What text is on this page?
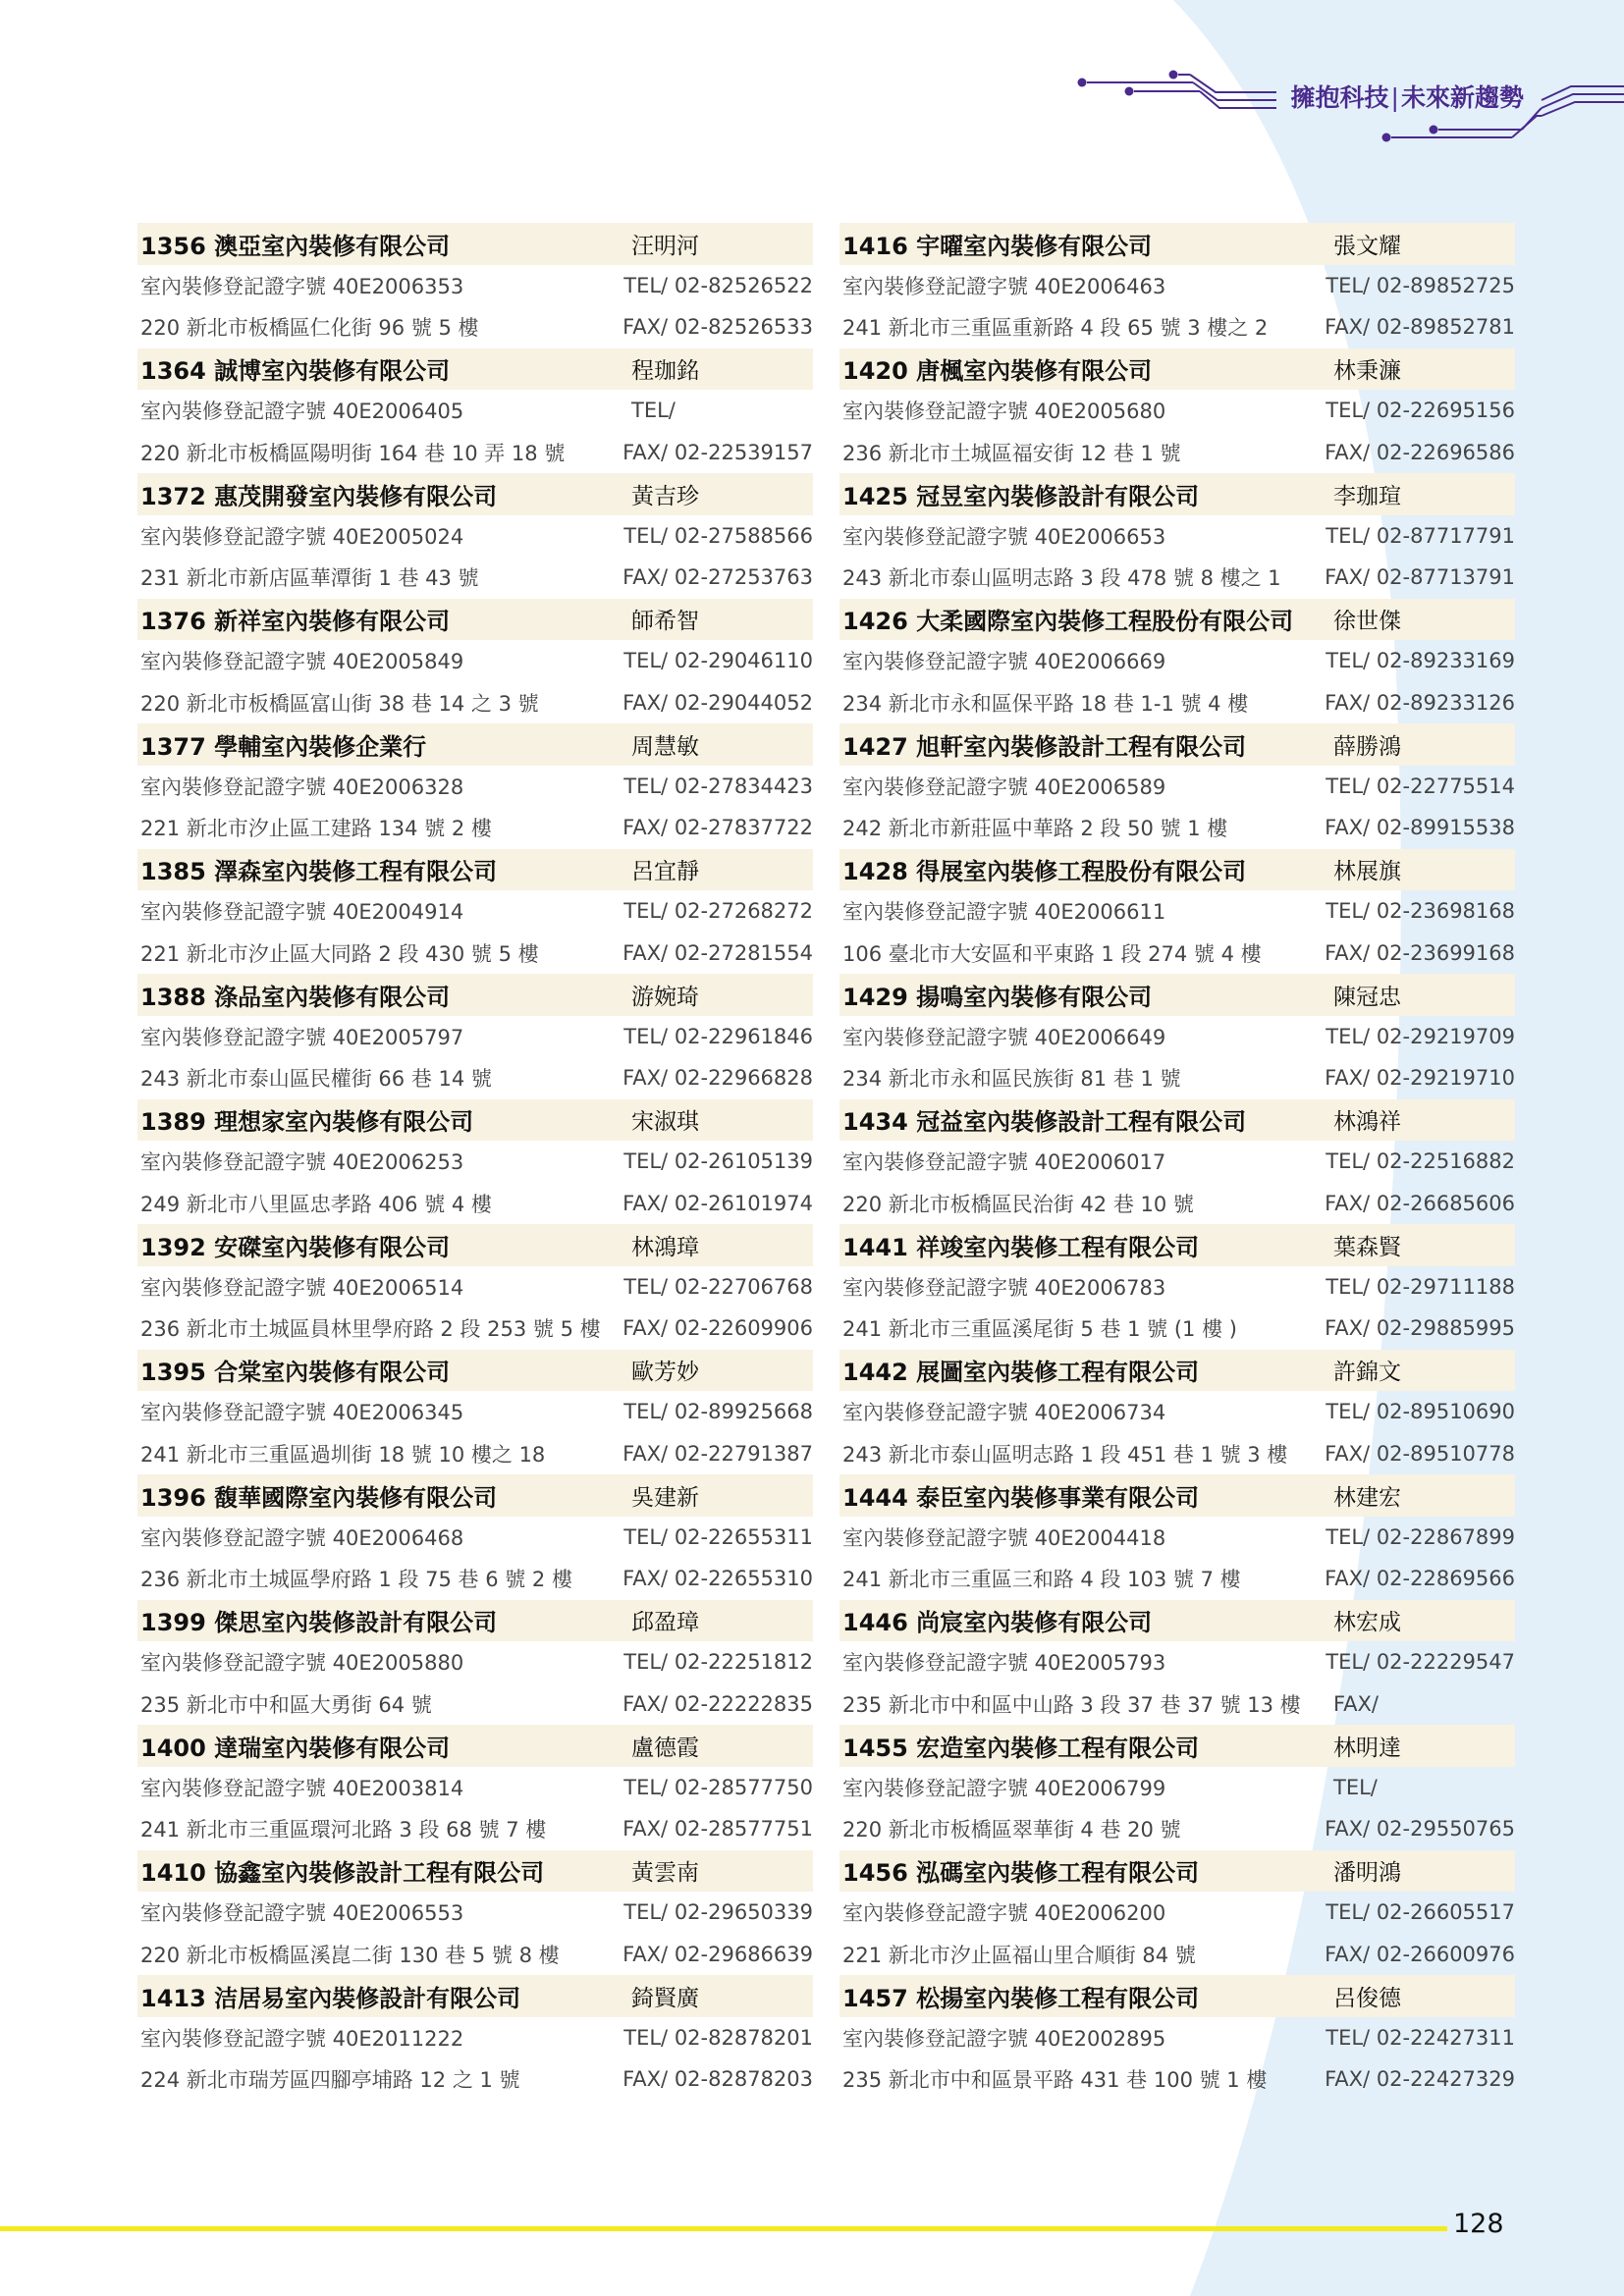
擁抱科技|未來新趨勢
1356 澳亞室內裝修有限公司	汪明河
室內裝修登記證字號 40E2006353	TEL/ 02-82526522
220 新北市板橋區仁化街 96 號 5 樓	FAX/ 02-82526533
1364 誠博室內裝修有限公司	程珈銘
室內裝修登記證字號 40E2006405	TEL/
220 新北市板橋區陽明街 164 巷 10 弄 18 號	FAX/ 02-22539157
1372 惠茂開發室內裝修有限公司	黃吉珍
室內裝修登記證字號 40E2005024	TEL/ 02-27588566
231 新北市新店區華潭街 1 巷 43 號	FAX/ 02-27253763
1376 新祥室內裝修有限公司	師希智
室內裝修登記證字號 40E2005849	TEL/ 02-29046110
220 新北市板橋區富山街 38 巷 14 之 3 號	FAX/ 02-29044052
1377 學輔室內裝修企業行	周慧敏
室內裝修登記證字號 40E2006328	TEL/ 02-27834423
221 新北市汐止區工建路 134 號 2 樓	FAX/ 02-27837722
1385 澤森室內裝修工程有限公司	呂宜靜
室內裝修登記證字號 40E2004914	TEL/ 02-27268272
221 新北市汐止區大同路 2 段 430 號 5 樓	FAX/ 02-27281554
1388 涤品室內裝修有限公司	游婉琦
室內裝修登記證字號 40E2005797	TEL/ 02-22961846
243 新北市泰山區民權街 66 巷 14 號	FAX/ 02-22966828
1389 理想家室內裝修有限公司	宋淑琪
室內裝修登記證字號 40E2006253	TEL/ 02-26105139
249 新北市八里區忠孝路 406 號 4 樓	FAX/ 02-26101974
1392 安磔室內裝修有限公司	林鴻璋
室內裝修登記證字號 40E2006514	TEL/ 02-22706768
236 新北市土城區員林里學府路 2 段 253 號 5 樓	FAX/ 02-22609906
1395 合棠室內裝修有限公司	歐芳妙
室內裝修登記證字號 40E2006345	TEL/ 02-89925668
241 新北市三重區過圳街 18 號 10 樓之 18	FAX/ 02-22791387
1396 馥華國際室內裝修有限公司	吳建新
室內裝修登記證字號 40E2006468	TEL/ 02-22655311
236 新北市土城區學府路 1 段 75 巷 6 號 2 樓	FAX/ 02-22655310
1399 傑思室內裝修設計有限公司	邱盈璋
室內裝修登記證字號 40E2005880	TEL/ 02-22251812
235 新北市中和區大勇街 64 號	FAX/ 02-22222835
1400 達瑞室內裝修有限公司	盧德霞
室內裝修登記證字號 40E2003814	TEL/ 02-28577750
241 新北市三重區環河北路 3 段 68 號 7 樓	FAX/ 02-28577751
1410 協鑫室內裝修設計工程有限公司	黃雲南
室內裝修登記證字號 40E2006553	TEL/ 02-29650339
220 新北市板橋區溪崑二街 130 巷 5 號 8 樓	FAX/ 02-29686639
1413 洁居易室內裝修設計有限公司	錡賢廣
室內裝修登記證字號 40E2011222	TEL/ 02-82878201
224 新北市瑞芳區四腳亭埔路 12 之 1 號	FAX/ 02-82878203
1416 宇曜室內裝修有限公司	張文耀
室內裝修登記證字號 40E2006463	TEL/ 02-89852725
241 新北市三重區重新路 4 段 65 號 3 樓之 2	FAX/ 02-89852781
1420 唐楓室內裝修有限公司	林秉濂
室內裝修登記證字號 40E2005680	TEL/ 02-22695156
236 新北市土城區福安街 12 巷 1 號	FAX/ 02-22696586
1425 冠昱室內裝修設計有限公司	李珈瑄
室內裝修登記證字號 40E2006653	TEL/ 02-87717791
243 新北市泰山區明志路 3 段 478 號 8 樓之 1	FAX/ 02-87713791
1426 大柔國際室內裝修工程股份有限公司	徐世傑
室內裝修登記證字號 40E2006669	TEL/ 02-89233169
234 新北市永和區保平路 18 巷 1-1 號 4 樓	FAX/ 02-89233126
1427 旭軒室內裝修設計工程有限公司	薛勝鴻
室內裝修登記證字號 40E2006589	TEL/ 02-22775514
242 新北市新莊區中華路 2 段 50 號 1 樓	FAX/ 02-89915538
1428 得展室內裝修工程股份有限公司	林展旗
室內裝修登記證字號 40E2006611	TEL/ 02-23698168
106 臺北市大安區和平東路 1 段 274 號 4 樓	FAX/ 02-23699168
1429 揚鳴室內裝修有限公司	陳冠忠
室內裝修登記證字號 40E2006649	TEL/ 02-29219709
234 新北市永和區民族街 81 巷 1 號	FAX/ 02-29219710
1434 冠益室內裝修設計工程有限公司	林鴻祥
室內裝修登記證字號 40E2006017	TEL/ 02-22516882
220 新北市板橋區民治街 42 巷 10 號	FAX/ 02-26685606
1441 祥竣室內裝修工程有限公司	葉森賢
室內裝修登記證字號 40E2006783	TEL/ 02-29711188
241 新北市三重區溪尾街 5 巷 1 號 (1 樓 )	FAX/ 02-29885995
1442 展圖室內裝修工程有限公司	許錦文
室內裝修登記證字號 40E2006734	TEL/ 02-89510690
243 新北市泰山區明志路 1 段 451 巷 1 號 3 樓	FAX/ 02-89510778
1444 泰臣室內裝修事業有限公司	林建宏
室內裝修登記證字號 40E2004418	TEL/ 02-22867899
241 新北市三重區三和路 4 段 103 號 7 樓	FAX/ 02-22869566
1446 尚宸室內裝修有限公司	林宏成
室內裝修登記證字號 40E2005793	TEL/ 02-22229547
235 新北市中和區中山路 3 段 37 巷 37 號 13 樓	FAX/
1455 宏造室內裝修工程有限公司	林明達
室內裝修登記證字號 40E2006799	TEL/
220 新北市板橋區翠華街 4 巷 20 號	FAX/ 02-29550765
1456 泓碼室內裝修工程有限公司	潘明鴻
室內裝修登記證字號 40E2006200	TEL/ 02-26605517
221 新北市汐止區福山里合順街 84 號	FAX/ 02-26600976
1457 松揚室內裝修工程有限公司	呂俊德
室內裝修登記證字號 40E2002895	TEL/ 02-22427311
235 新北市中和區景平路 431 巷 100 號 1 樓	FAX/ 02-22427329
128
